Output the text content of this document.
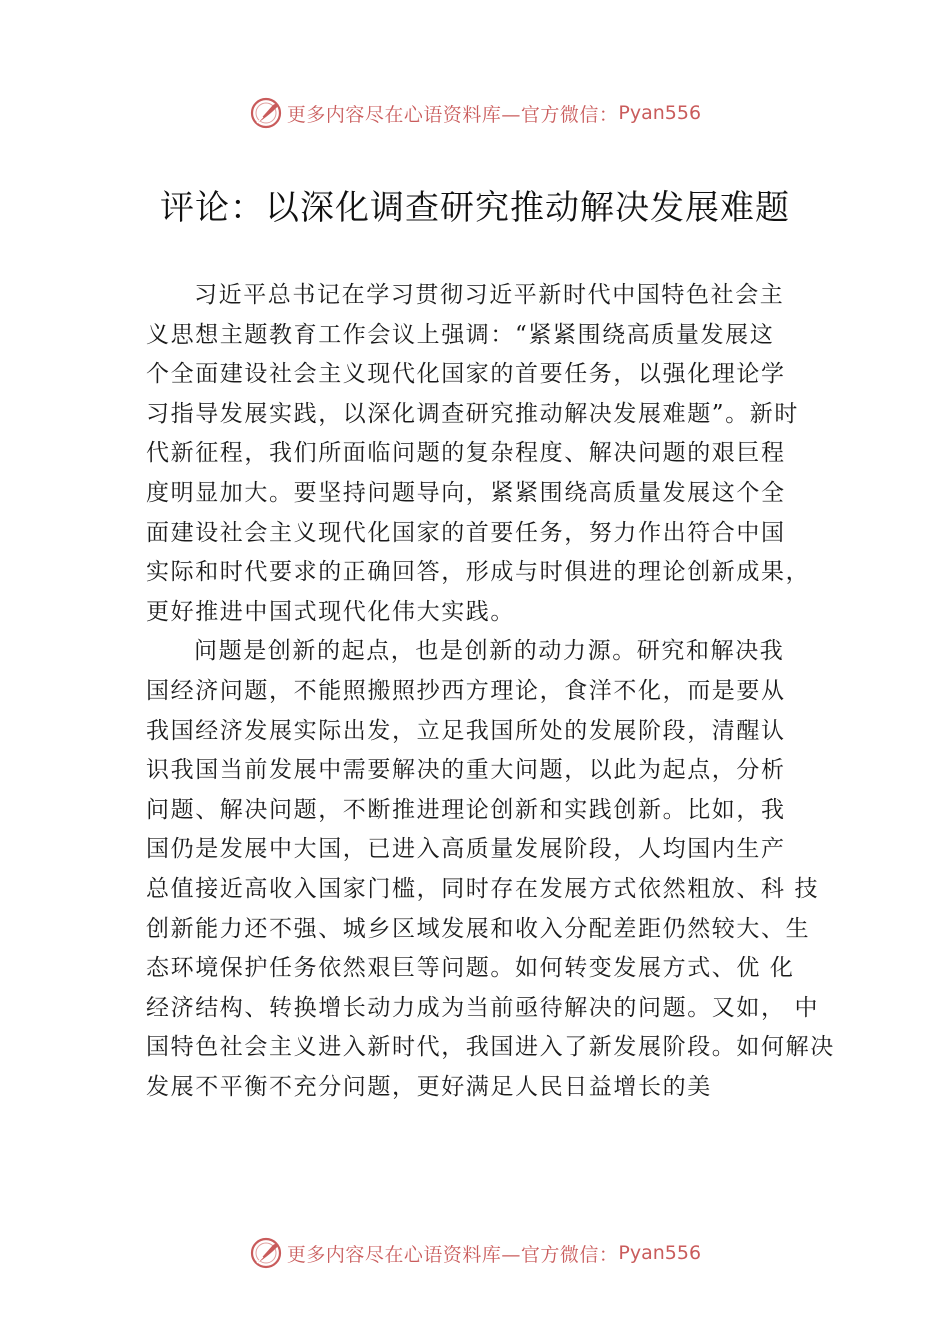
更多内容尽在心语资料库—官方微信： Pyan556
评论：以深化调查研究推动解决发展难题
习近平总书记在学习贯彻习近平新时代中国特色社会主
义思想主题教育工作会议上强调：“紧紧围绕高质量发展这
个全面建设社会主义现代化国家的首要任务，以强化理论学
习指导发展实践，以深化调查研究推动解决发展难题”。新时
代新征程，我们所面临问题的复杂程度、解决问题的艰巨程
度明显加大。要坚持问题导向，紧紧围绕高质量发展这个全
面建设社会主义现代化国家的首要任务，努力作出符合中国
实际和时代要求的正确回答，形成与时俱进的理论创新成果，
更好推进中国式现代化伟大实践。
问题是创新的起点，也是创新的动力源。研究和解决我
国经济问题，不能照搬照抄西方理论，食洋不化，而是要从
我国经济发展实际出发，立足我国所处的发展阶段，清醒认
识我国当前发展中需要解决的重大问题，以此为起点，分析
问题、解决问题，不断推进理论创新和实践创新。比如，我
国仍是发展中大国，已进入高质量发展阶段，人均国内生产
总值接近高收入国家门槛，同时存在发展方式依然粗放、科 技
创新能力还不强、城乡区域发展和收入分配差距仍然较大、生
态环境保护任务依然艰巨等问题。如何转变发展方式、优 化
经济结构、转换增长动力成为当前亟待解决的问题。又如， 中
国特色社会主义进入新时代，我国进入了新发展阶段。如何解决
发展不平衡不充分问题，更好满足人民日益增长的美
更多内容尽在心语资料库—官方微信： Pyan556
